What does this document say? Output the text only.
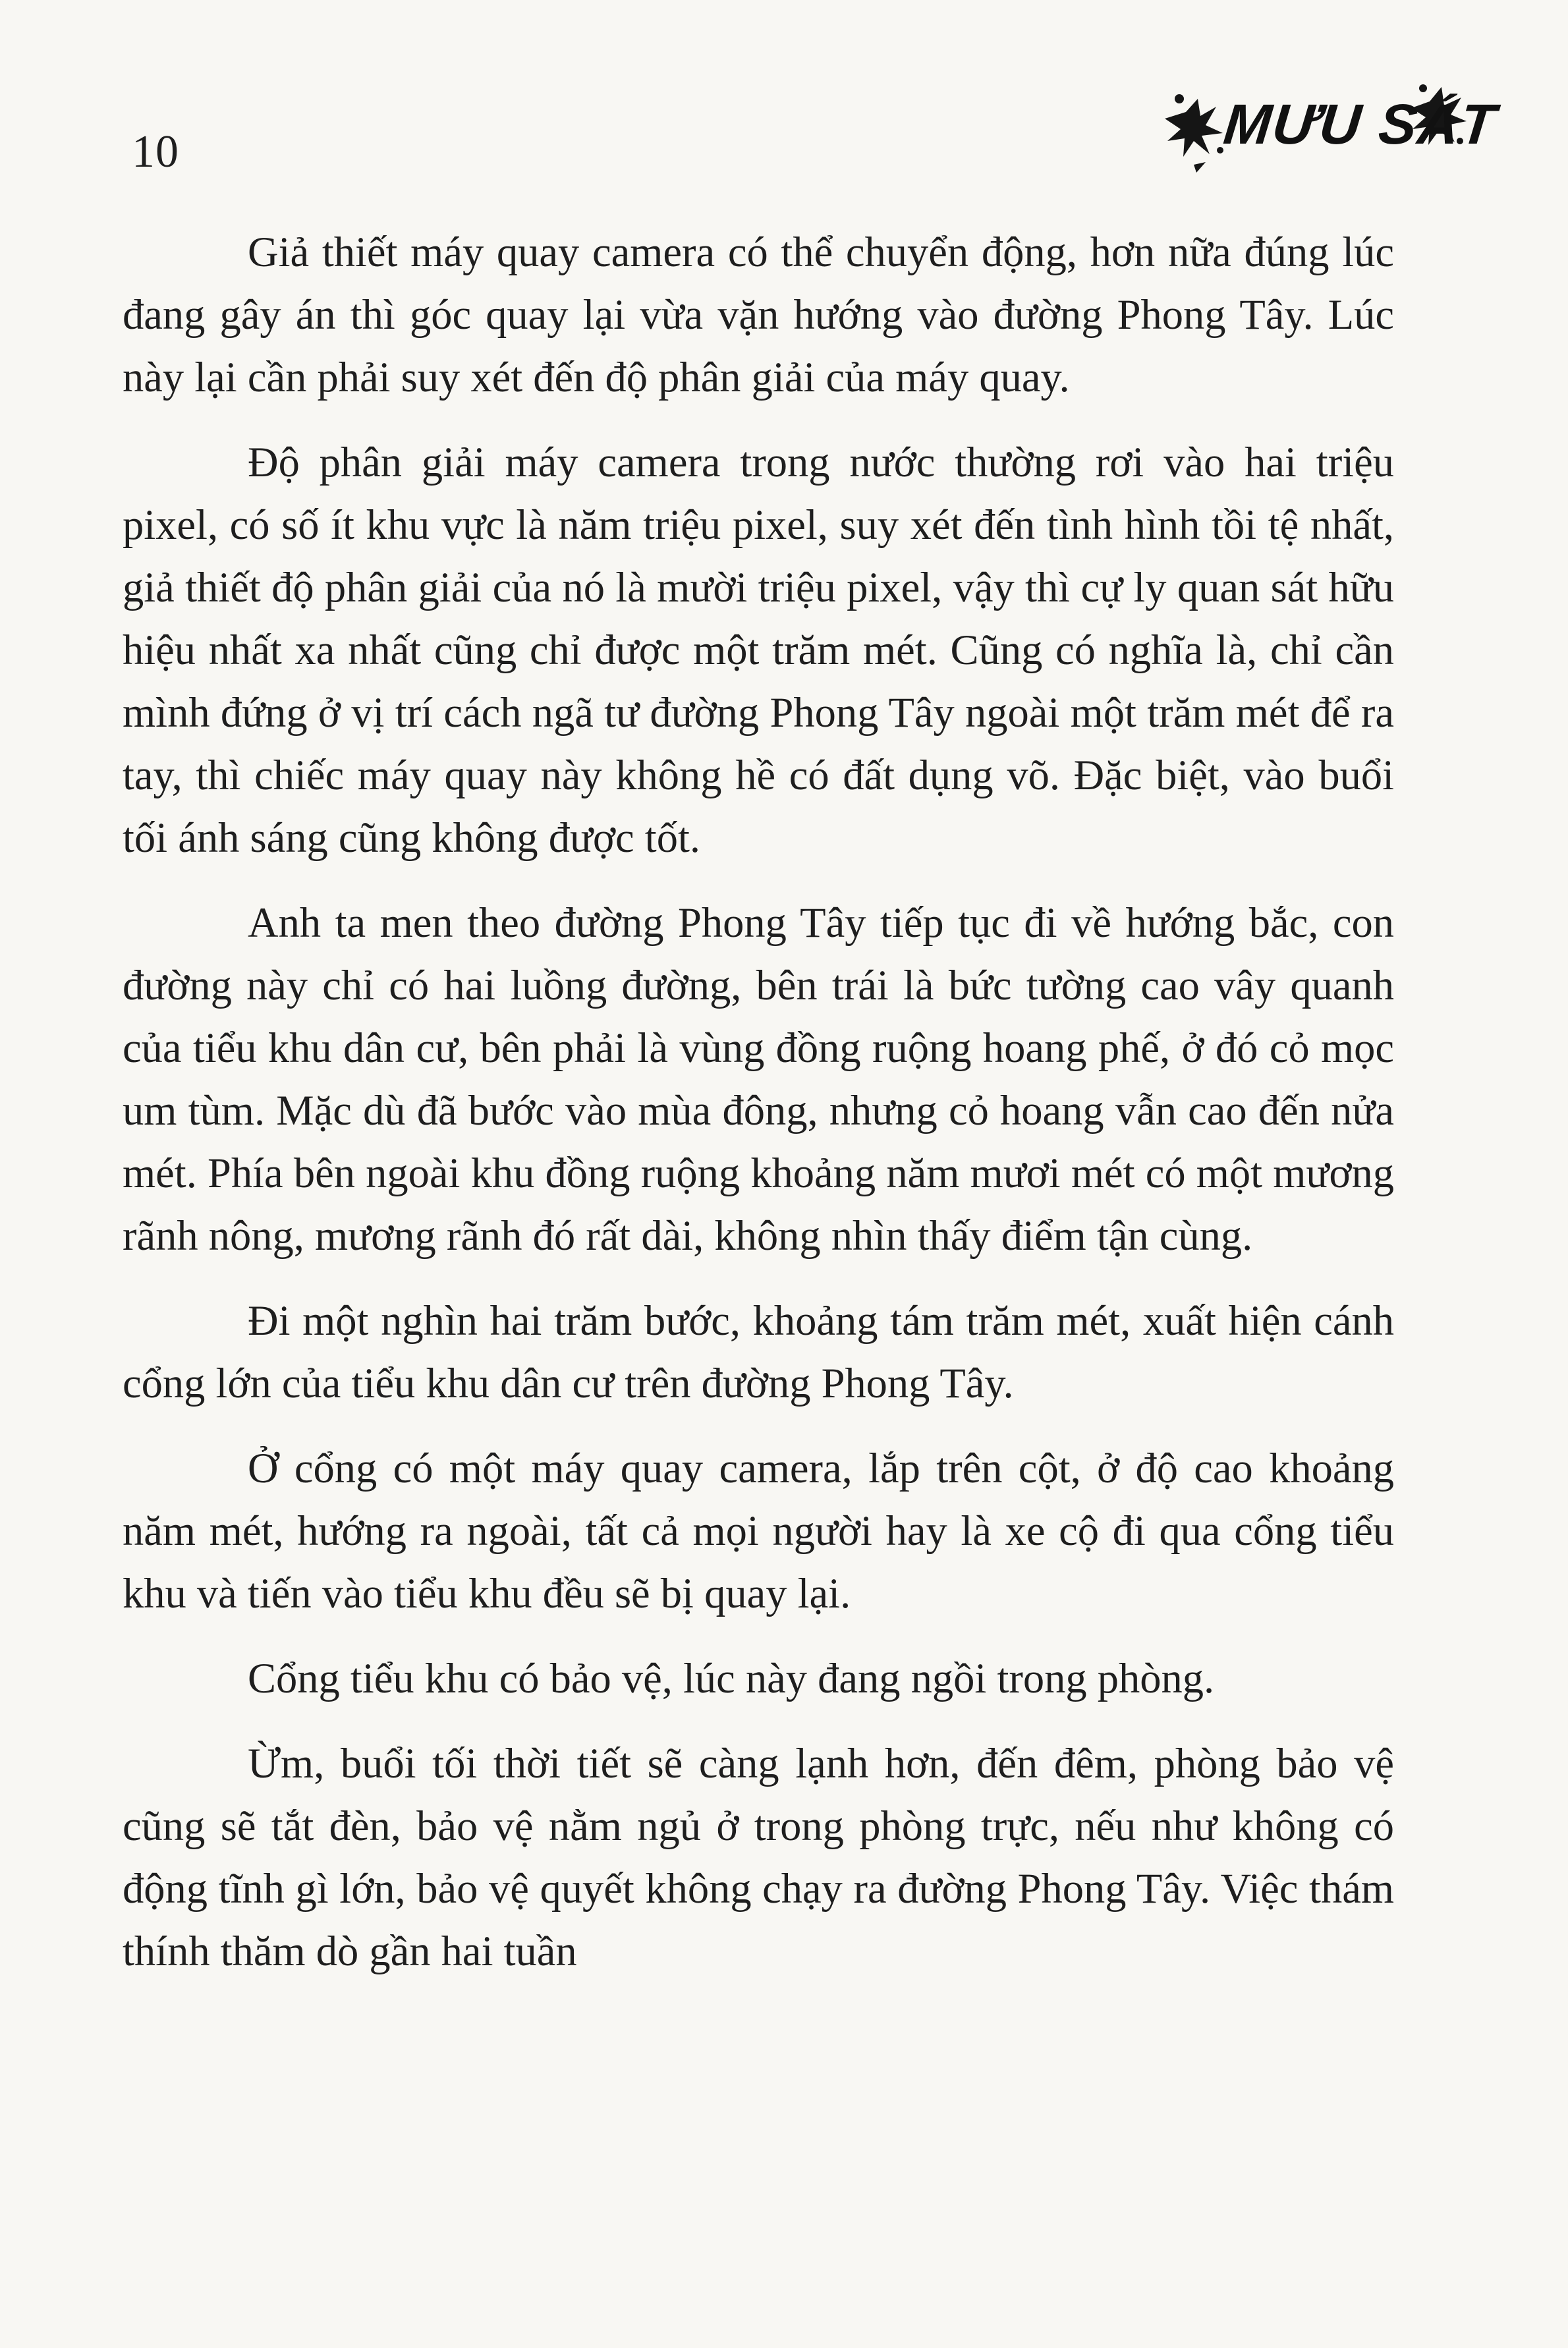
10	MƯU SÁT

Giả thiết máy quay camera có thể chuyển động, hơn nữa đúng lúc đang gây án thì góc quay lại vừa vặn hướng vào đường Phong Tây. Lúc này lại cần phải suy xét đến độ phân giải của máy quay.

Độ phân giải máy camera trong nước thường rơi vào hai triệu pixel, có số ít khu vực là năm triệu pixel, suy xét đến tình hình tồi tệ nhất, giả thiết độ phân giải của nó là mười triệu pixel, vậy thì cự ly quan sát hữu hiệu nhất xa nhất cũng chỉ được một trăm mét. Cũng có nghĩa là, chỉ cần mình đứng ở vị trí cách ngã tư đường Phong Tây ngoài một trăm mét để ra tay, thì chiếc máy quay này không hề có đất dụng võ. Đặc biệt, vào buổi tối ánh sáng cũng không được tốt.

Anh ta men theo đường Phong Tây tiếp tục đi về hướng bắc, con đường này chỉ có hai luồng đường, bên trái là bức tường cao vây quanh của tiểu khu dân cư, bên phải là vùng đồng ruộng hoang phế, ở đó cỏ mọc um tùm. Mặc dù đã bước vào mùa đông, nhưng cỏ hoang vẫn cao đến nửa mét. Phía bên ngoài khu đồng ruộng khoảng năm mươi mét có một mương rãnh nông, mương rãnh đó rất dài, không nhìn thấy điểm tận cùng.

Đi một nghìn hai trăm bước, khoảng tám trăm mét, xuất hiện cánh cổng lớn của tiểu khu dân cư trên đường Phong Tây.

Ở cổng có một máy quay camera, lắp trên cột, ở độ cao khoảng năm mét, hướng ra ngoài, tất cả mọi người hay là xe cộ đi qua cổng tiểu khu và tiến vào tiểu khu đều sẽ bị quay lại.

Cổng tiểu khu có bảo vệ, lúc này đang ngồi trong phòng.

Ừm, buổi tối thời tiết sẽ càng lạnh hơn, đến đêm, phòng bảo vệ cũng sẽ tắt đèn, bảo vệ nằm ngủ ở trong phòng trực, nếu như không có động tĩnh gì lớn, bảo vệ quyết không chạy ra đường Phong Tây. Việc thám thính thăm dò gần hai tuần
